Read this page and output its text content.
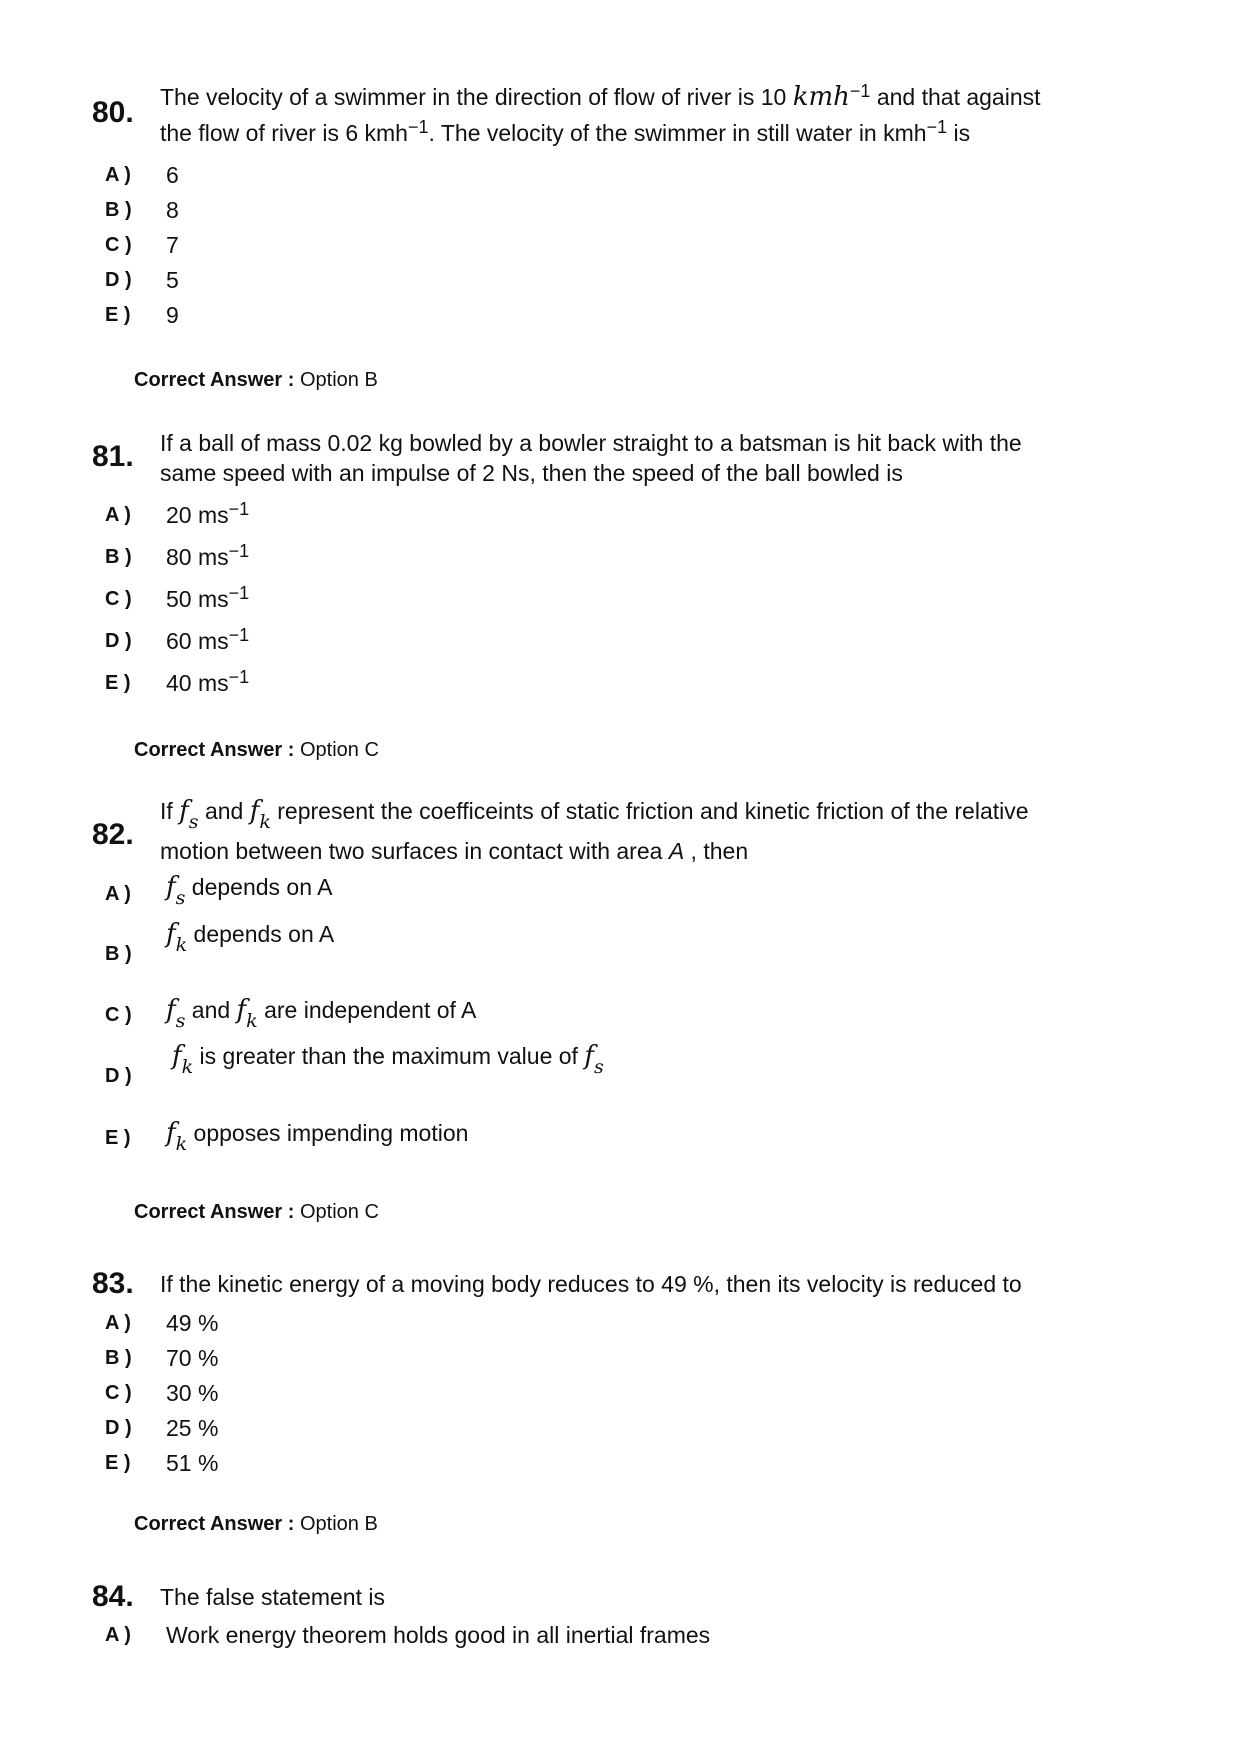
80. The velocity of a swimmer in the direction of flow of river is 10 kmh$^{-1}$ and that against
the flow of river is 6 kmh$^{-1}$. The velocity of the swimmer in still water in kmh$^{-1}$ is
A ) 6
B ) 8
C ) 7
D ) 5
E ) 9
Correct Answer : Option B
81. If a ball of mass 0.02 kg bowled by a bowler straight to a batsman is hit back with the
same speed with an impulse of 2 Ns, then the speed of the ball bowled is
A ) 20 $ms^{-1}$
B ) 80 $ms^{-1}$
C ) 50 $ms^{-1}$
D ) 60 $ms^{-1}$
E ) 40 $ms^{-1}$
Correct Answer : Option C
82.
If $f_s$ and $f_k$ represent the coefficeints of static friction and kinetic friction of the relative
motion between two surfaces in contact with area A , then
A ) $f_s$ depends on A
B )
$f_k$ depends on A
C ) $f_s$ and $f_k$ are independent of A
D )
$f_k$ is greater than the maximum value of $f_s$
E ) $f_k$ opposes impending motion
Correct Answer : Option C
83. If the kinetic energy of a moving body reduces to 49 %, then its velocity is reduced to
A ) 49 %
B ) 70 %
C ) 30 %
D ) 25 %
E ) 51 %
Correct Answer : Option B
84. The false statement is
A ) Work energy theorem holds good in all inertial frames
